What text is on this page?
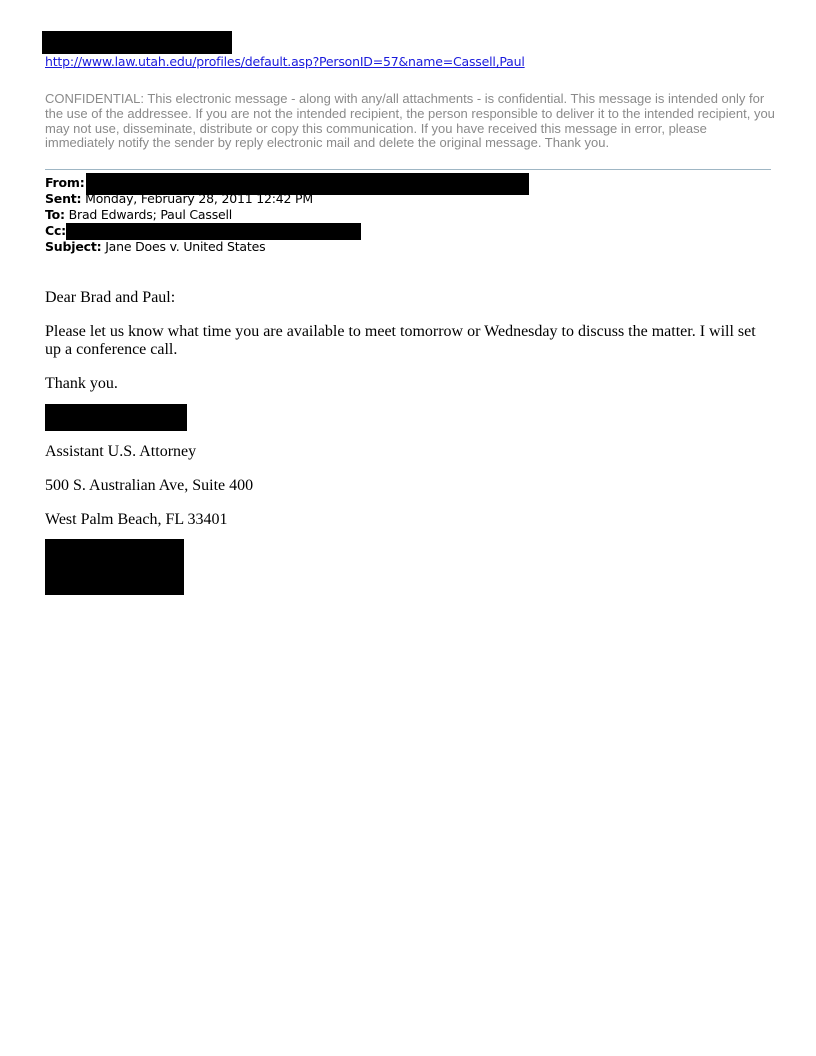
http://www.law.utah.edu/profiles/default.asp?PersonID=57&name=Cassell,Paul
CONFIDENTIAL: This electronic message - along with any/all attachments - is confidential. This message is intended only for the use of the addressee. If you are not the intended recipient, the person responsible to deliver it to the intended recipient, you may not use, disseminate, distribute or copy this communication. If you have received this message in error, please immediately notify the sender by reply electronic mail and delete the original message. Thank you.
From:
Sent: Monday, February 28, 2011 12:42 PM
To: Brad Edwards; Paul Cassell
Cc:
Subject: Jane Does v. United States
Dear Brad and Paul:
Please let us know what time you are available to meet tomorrow or Wednesday to discuss the matter. I will set up a conference call.
Thank you.
Assistant U.S. Attorney
500 S. Australian Ave, Suite 400
West Palm Beach, FL 33401
